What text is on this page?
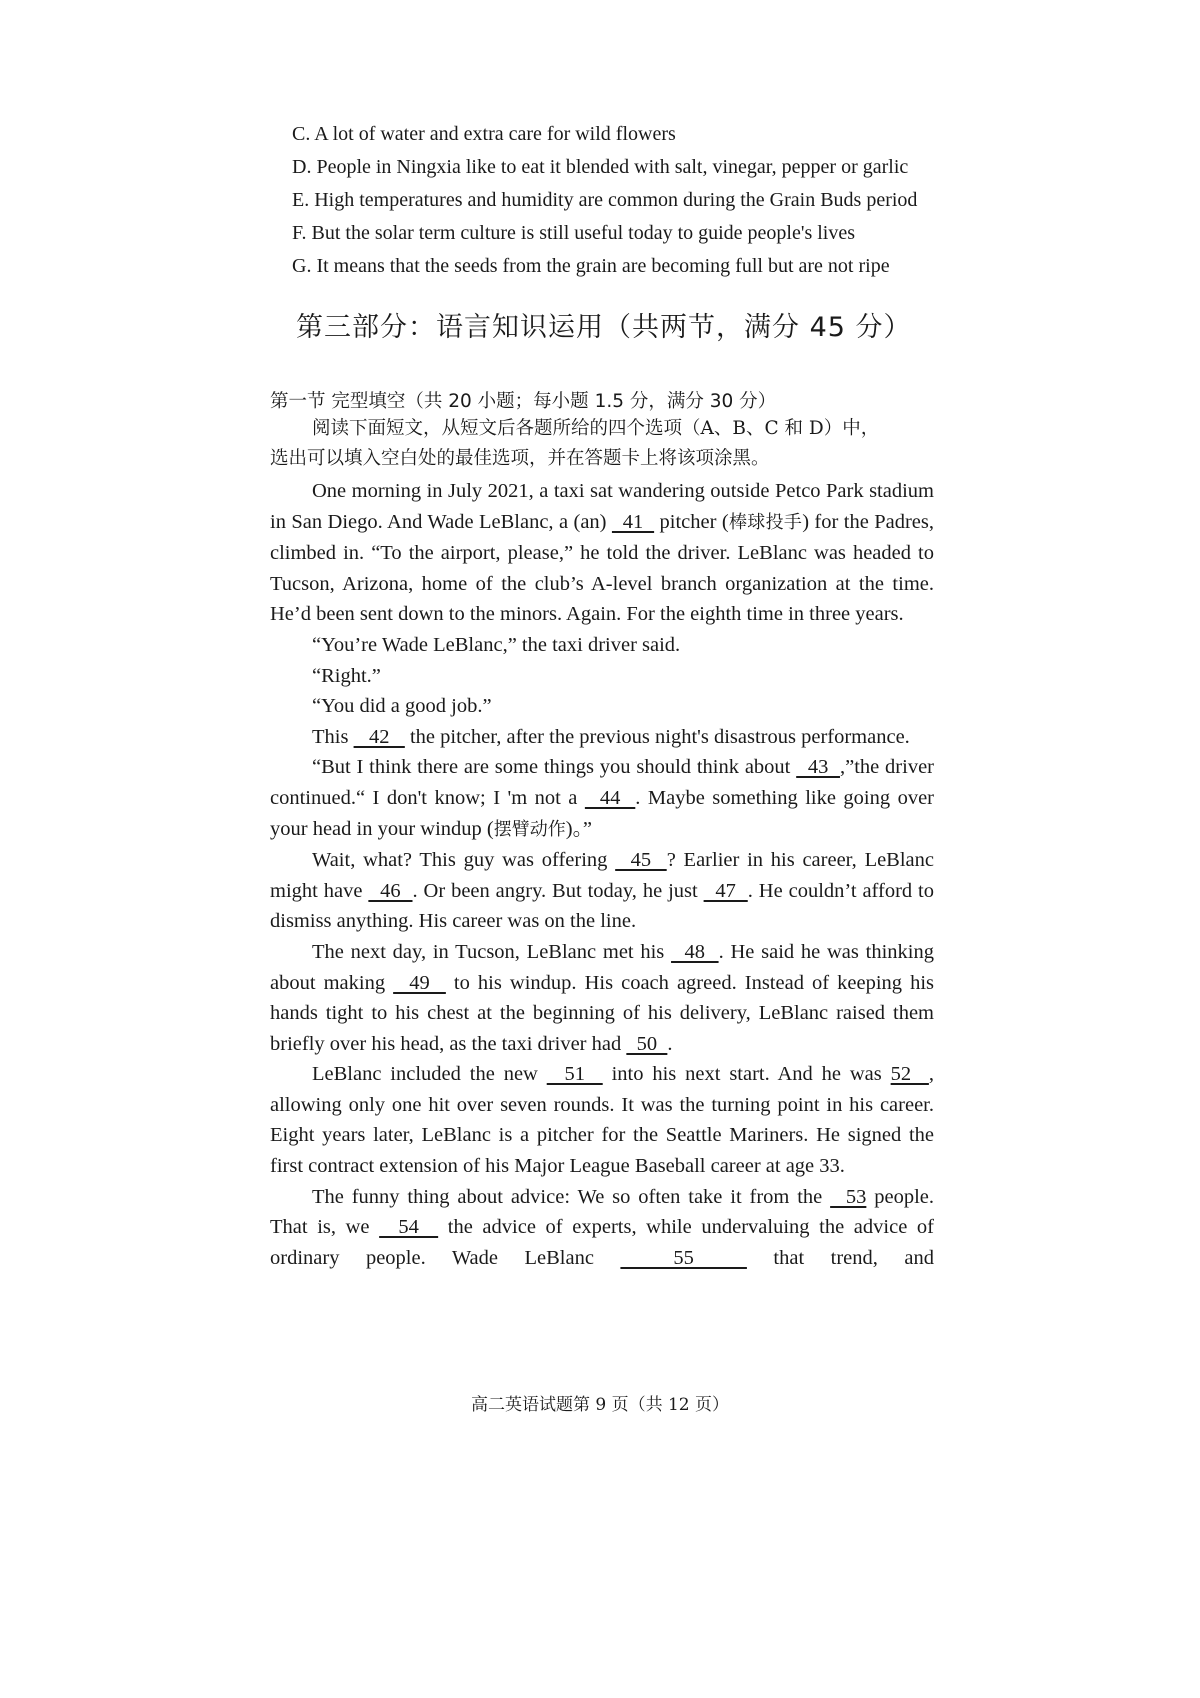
C. A lot of water and extra care for wild flowers
D. People in Ningxia like to eat it blended with salt, vinegar, pepper or garlic
E. High temperatures and humidity are common during the Grain Buds period
F. But the solar term culture is still useful today to guide people's lives
G. It means that the seeds from the grain are becoming full but are not ripe
第三部分：语言知识运用（共两节，满分 45 分）
第一节 完型填空（共 20 小题；每小题 1.5 分，满分 30 分）
阅读下面短文，从短文后各题所给的四个选项（A、B、C 和 D）中，
选出可以填入空白处的最佳选项，并在答题卡上将该项涂黑。

One morning in July 2021, a taxi sat wandering outside Petco Park stadium in San Diego. And Wade LeBlanc, a (an)   41   pitcher (棒球投手) for the Padres, climbed in. “To the airport, please,” he told the driver. LeBlanc was headed to Tucson, Arizona, home of the club’s A-level branch organization at the time. He’d been sent down to the minors. Again. For the eighth time in three years.

“You’re Wade LeBlanc,” the taxi driver said.

“Right.”

“You did a good job.”

This    42    the pitcher, after the previous night's disastrous performance.

“But I think there are some things you should think about   43  ,”the driver continued.“ I don't know; I 'm not a   44  . Maybe something like going over your head in your windup (摆臂动作)。”

Wait, what? This guy was offering   45  ? Earlier in his career, LeBlanc might have   46  . Or been angry. But today, he just   47  . He couldn’t afford to dismiss anything. His career was on the line.

The next day, in Tucson, LeBlanc met his   48  . He said he was thinking about making   49   to his windup. His coach agreed. Instead of keeping his hands tight to his chest at the beginning of his delivery, LeBlanc raised them briefly over his head, as the taxi driver had   50  .

LeBlanc included the new   51   into his next start. And he was 52  , allowing only one hit over seven rounds. It was the turning point in his career. Eight years later, LeBlanc is a pitcher for the Seattle Mariners. He signed the first contract extension of his Major League Baseball career at age 33.

The funny thing about advice: We so often take it from the   53 people. That is, we   54   the advice of experts, while undervaluing the advice of ordinary people. Wade LeBlanc   55   that trend, and

高二英语试题第 9 页（共 12 页）
